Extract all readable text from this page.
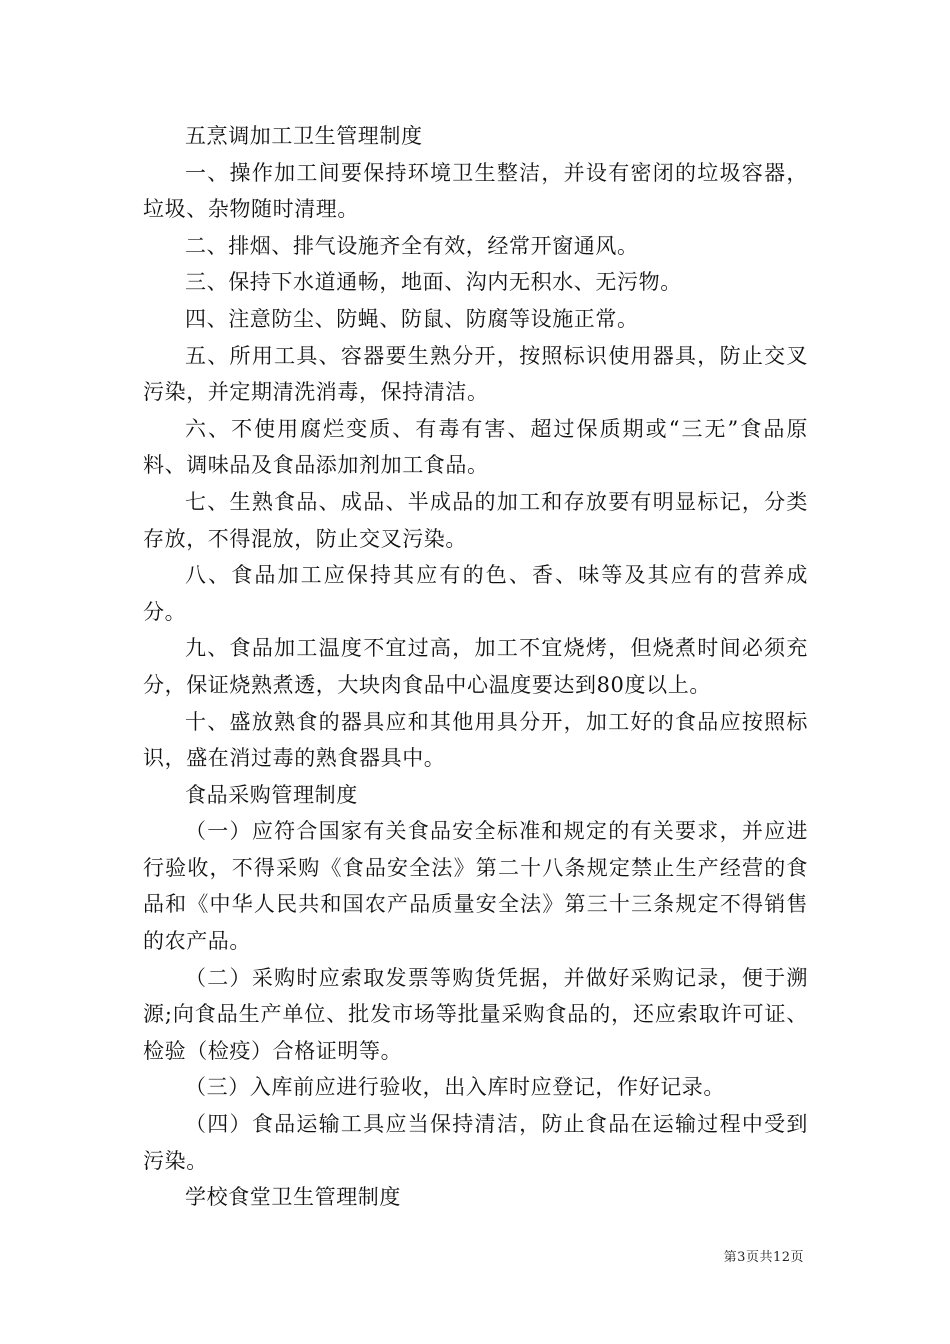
五烹调加工卫生管理制度

一、操作加工间要保持环境卫生整洁，并设有密闭的垃圾容器，垃圾、杂物随时清理。

二、排烟、排气设施齐全有效，经常开窗通风。

三、保持下水道通畅，地面、沟内无积水、无污物。

四、注意防尘、防蝇、防鼠、防腐等设施正常。

五、所用工具、容器要生熟分开，按照标识使用器具，防止交叉污染，并定期清洗消毒，保持清洁。

六、不使用腐烂变质、有毒有害、超过保质期或“三无”食品原料、调味品及食品添加剂加工食品。

七、生熟食品、成品、半成品的加工和存放要有明显标记，分类存放，不得混放，防止交叉污染。

八、食品加工应保持其应有的色、香、味等及其应有的营养成分。

九、食品加工温度不宜过高，加工不宜烧烤，但烧煮时间必须充分，保证烧熟煮透，大块肉食品中心温度要达到80度以上。

十、盛放熟食的器具应和其他用具分开，加工好的食品应按照标识，盛在消过毒的熟食器具中。

食品采购管理制度

（一）应符合国家有关食品安全标准和规定的有关要求，并应进行验收，不得采购《食品安全法》第二十八条规定禁止生产经营的食品和《中华人民共和国农产品质量安全法》第三十三条规定不得销售的农产品。

（二）采购时应索取发票等购货凭据，并做好采购记录，便于溯源;向食品生产单位、批发市场等批量采购食品的，还应索取许可证、检验（检疫）合格证明等。

（三）入库前应进行验收，出入库时应登记，作好记录。

（四）食品运输工具应当保持清洁，防止食品在运输过程中受到污染。

学校食堂卫生管理制度

第3页共12页
